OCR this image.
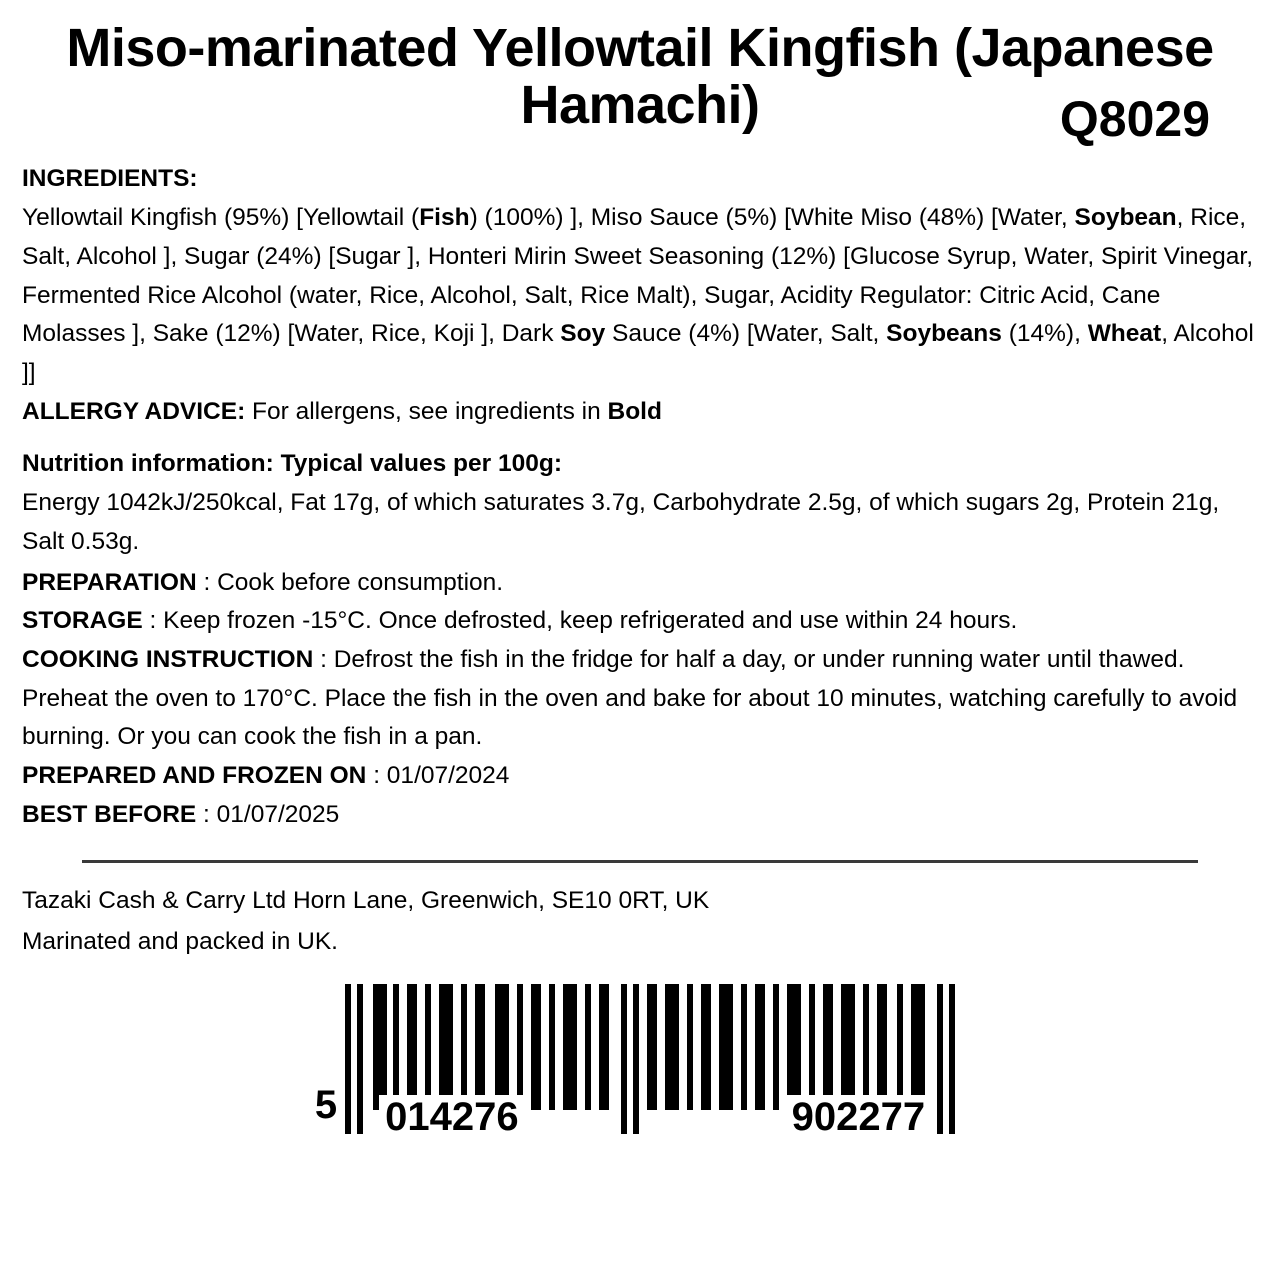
Miso-marinated Yellowtail Kingfish (Japanese Hamachi)	Q8029
INGREDIENTS:
Yellowtail Kingfish (95%) [Yellowtail (Fish) (100%) ], Miso Sauce (5%) [White Miso (48%) [Water, Soybean, Rice, Salt, Alcohol ], Sugar (24%) [Sugar ], Honteri Mirin Sweet Seasoning (12%) [Glucose Syrup, Water, Spirit Vinegar, Fermented Rice Alcohol (water, Rice, Alcohol, Salt, Rice Malt), Sugar, Acidity Regulator: Citric Acid, Cane Molasses ], Sake (12%) [Water, Rice, Koji ], Dark Soy Sauce (4%) [Water, Salt, Soybeans (14%), Wheat, Alcohol ]]
ALLERGY ADVICE: For allergens, see ingredients in Bold
Nutrition information: Typical values per 100g:
Energy 1042kJ/250kcal, Fat 17g, of which saturates 3.7g, Carbohydrate 2.5g, of which sugars 2g, Protein 21g, Salt 0.53g.
PREPARATION : Cook before consumption.
STORAGE : Keep frozen -15°C. Once defrosted, keep refrigerated and use within 24 hours.
COOKING INSTRUCTION : Defrost the fish in the fridge for half a day, or under running water until thawed.
Preheat the oven to 170°C. Place the fish in the oven and bake for about 10 minutes, watching carefully to avoid burning. Or you can cook the fish in a pan.
PREPARED AND FROZEN ON : 01/07/2024
BEST BEFORE : 01/07/2025
Tazaki Cash & Carry Ltd Horn Lane, Greenwich, SE10 0RT, UK
Marinated and packed in UK.
5 014276	902277
